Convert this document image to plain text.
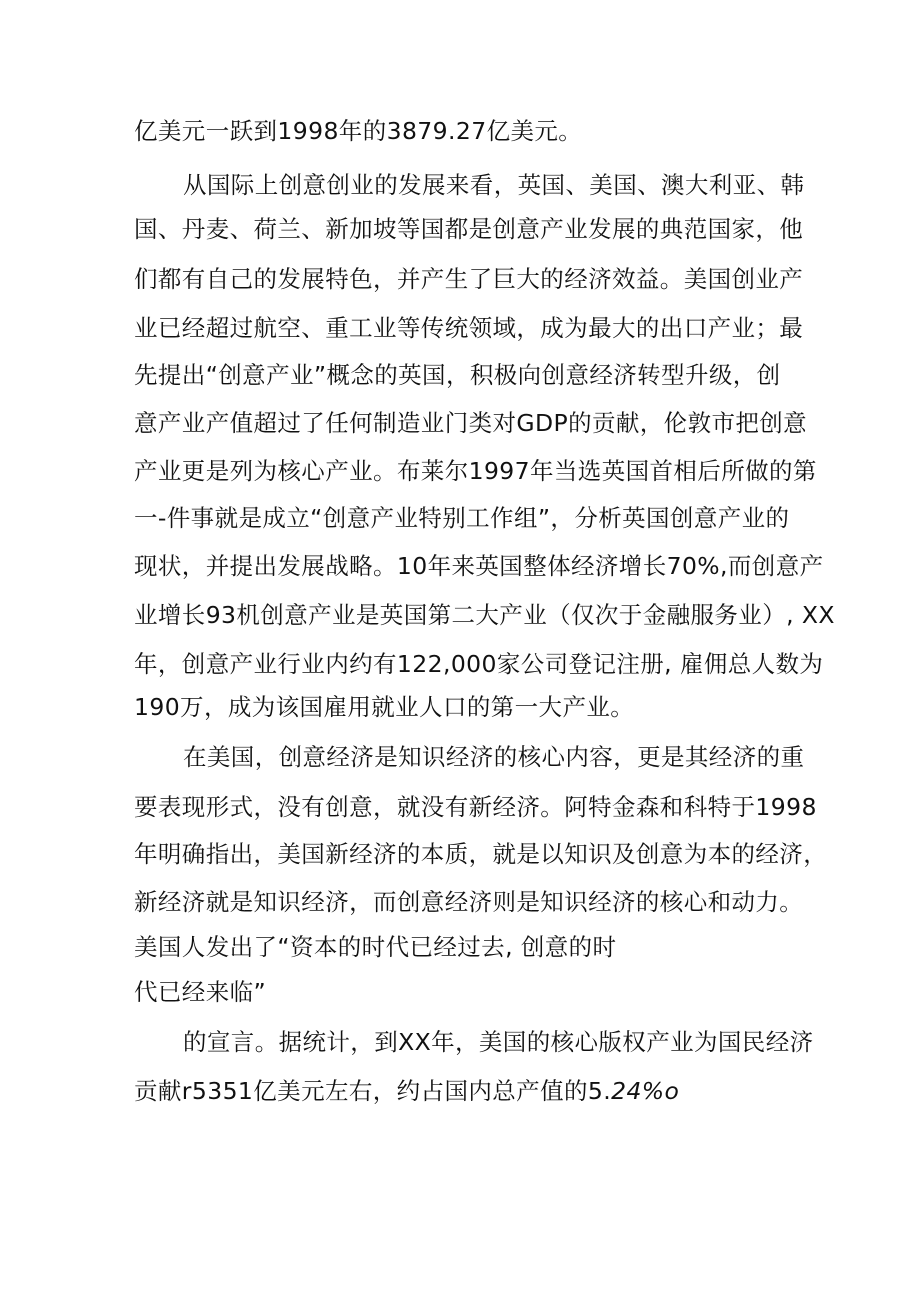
亿美元一跃到1998年的3879.27亿美元。
从国际上创意创业的发展来看，英国、美国、澳大利亚、韩
国、丹麦、荷兰、新加坡等国都是创意产业发展的典范国家，他
们都有自己的发展特色，并产生了巨大的经济效益。美国创业产
业已经超过航空、重工业等传统领域，成为最大的出口产业；最
先提出“创意产业”概念的英国，积极向创意经济转型升级，创
意产业产值超过了任何制造业门类对GDP的贡献，伦敦市把创意
产业更是列为核心产业。布莱尔1997年当选英国首相后所做的第
一-件事就是成立“创意产业特别工作组”，分析英国创意产业的
现状，并提出发展战略。10年来英国整体经济增长70%,而创意产
业增长93机创意产业是英国第二大产业（仅次于金融服务业）, XX
年，创意产业行业内约有122,000家公司登记注册, 雇佣总人数为
190万，成为该国雇用就业人口的第一大产业。
在美国，创意经济是知识经济的核心内容，更是其经济的重
要表现形式，没有创意，就没有新经济。阿特金森和科特于1998
年明确指出，美国新经济的本质，就是以知识及创意为本的经济，
新经济就是知识经济，而创意经济则是知识经济的核心和动力。
美国人发出了“资本的时代已经过去, 创意的时
代已经来临”
的宣言。据统计，到XX年，美国的核心版权产业为国民经济
贡献r5351亿美元左右，约占国内总产值的5.24%o
